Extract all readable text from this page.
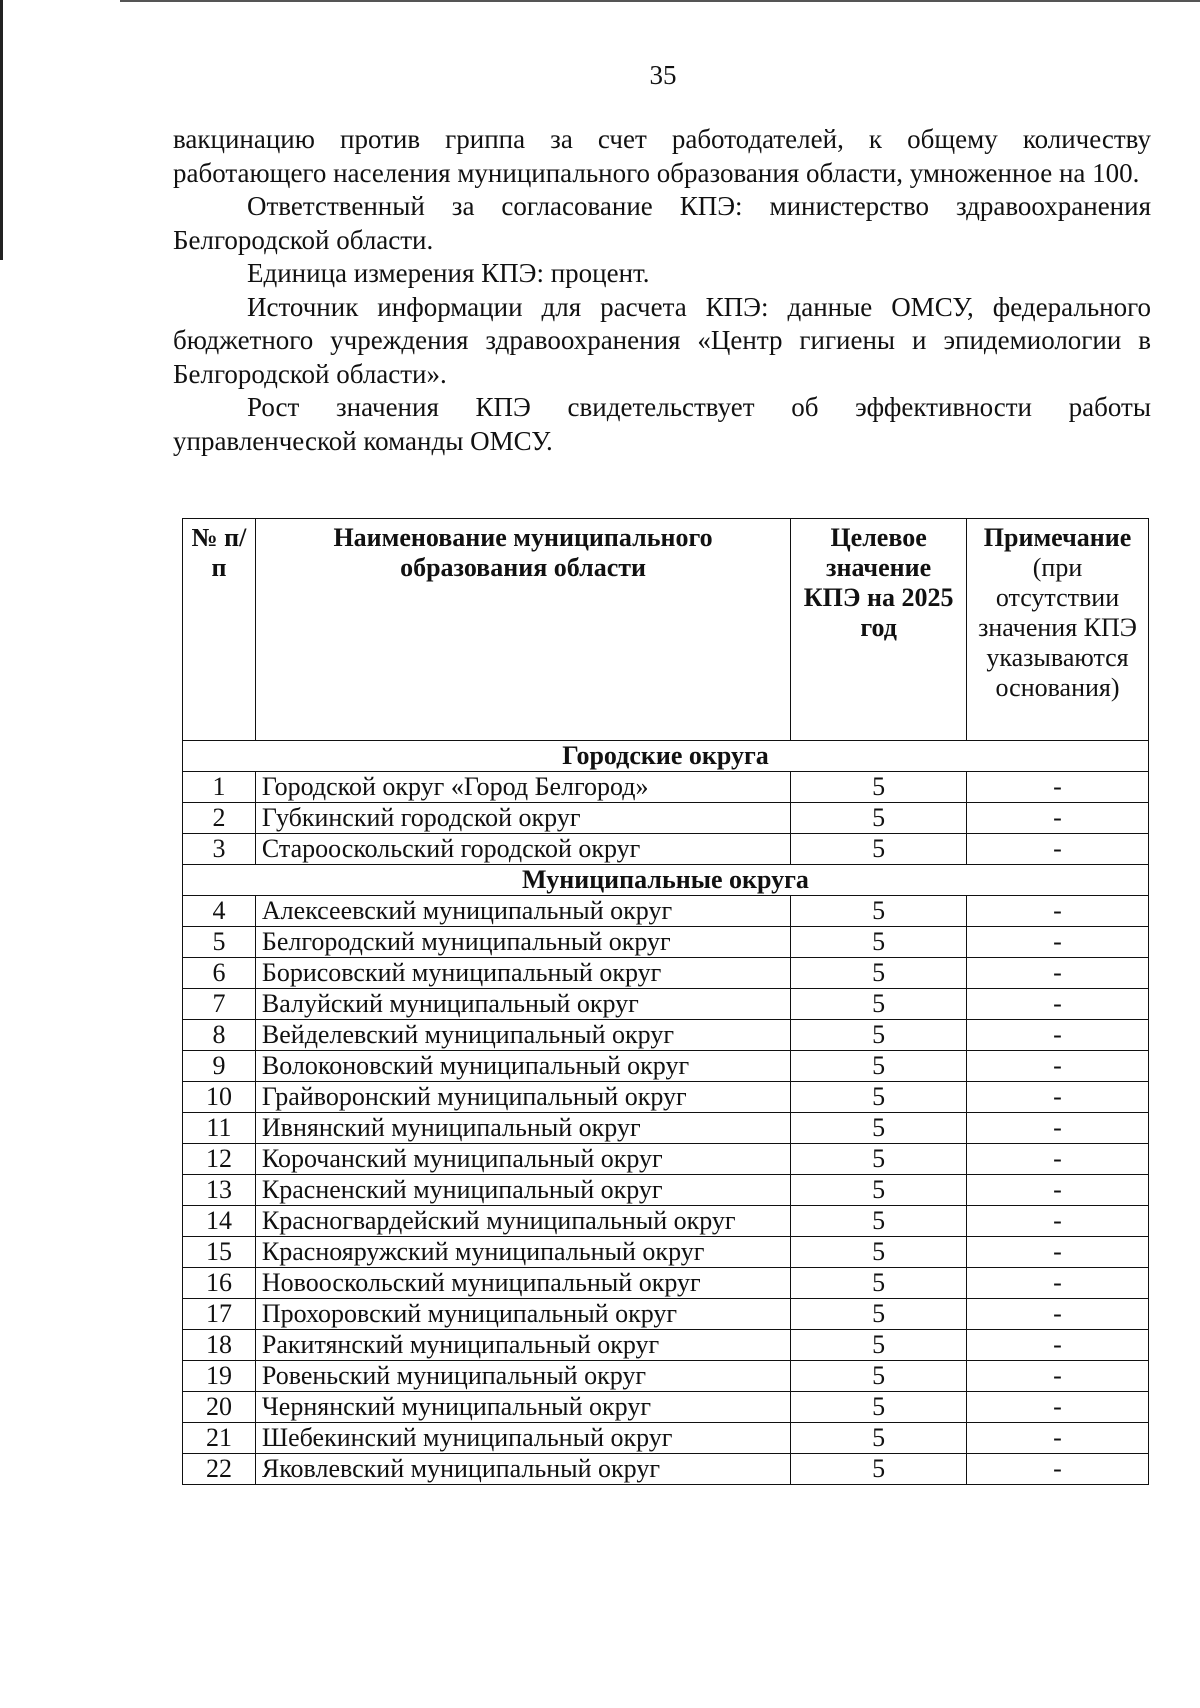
35

вакцинацию против гриппа за счет работодателей, к общему количеству работающего населения муниципального образования области, умноженное на 100.

Ответственный за согласование КПЭ: министерство здравоохранения Белгородской области.

Единица измерения КПЭ: процент.

Источник информации для расчета КПЭ: данные ОМСУ, федерального бюджетного учреждения здравоохранения «Центр гигиены и эпидемиологии в Белгородской области».

Рост значения КПЭ свидетельствует об эффективности работы управленческой команды ОМСУ.

№ п/п	Наименование муниципального образования области	Целевое значение КПЭ на 2025 год	Примечание (при отсутствии значения КПЭ указываются основания)
Городские округа			
1	Городской округ «Город Белгород»	5	-
2	Губкинский городской округ	5	-
3	Старооскольский городской округ	5	-
Муниципальные округа			
4	Алексеевский муниципальный округ	5	-
5	Белгородский муниципальный округ	5	-
6	Борисовский муниципальный округ	5	-
7	Валуйский муниципальный округ	5	-
8	Вейделевский муниципальный округ	5	-
9	Волоконовский муниципальный округ	5	-
10	Грайворонский муниципальный округ	5	-
11	Ивнянский муниципальный округ	5	-
12	Корочанский муниципальный округ	5	-
13	Красненский муниципальный округ	5	-
14	Красногвардейский муниципальный округ	5	-
15	Краснояружский муниципальный округ	5	-
16	Новооскольский муниципальный округ	5	-
17	Прохоровский муниципальный округ	5	-
18	Ракитянский муниципальный округ	5	-
19	Ровеньский муниципальный округ	5	-
20	Чернянский муниципальный округ	5	-
21	Шебекинский муниципальный округ	5	-
22	Яковлевский муниципальный округ	5	-
